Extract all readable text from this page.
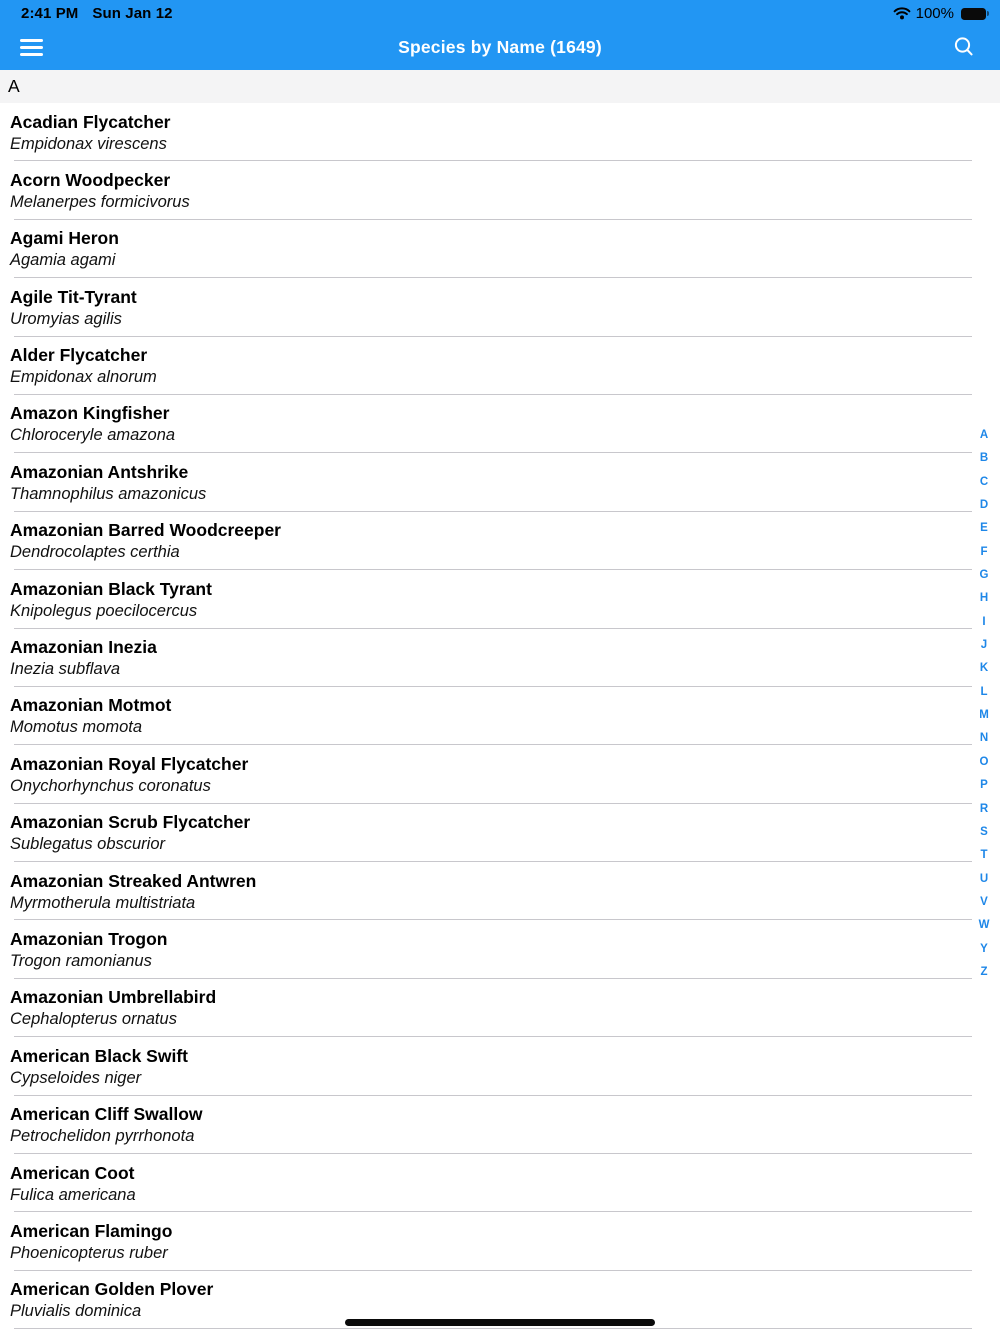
2:41 PM Sun Jan 12	100%
Species by Name (1649)
A
Acadian Flycatcher
Empidonax virescens
Acorn Woodpecker
Melanerpes formicivorus
Agami Heron
Agamia agami
Agile Tit-Tyrant
Uromyias agilis
Alder Flycatcher
Empidonax alnorum
Amazon Kingfisher
Chloroceryle amazona
Amazonian Antshrike
Thamnophilus amazonicus
Amazonian Barred Woodcreeper
Dendrocolaptes certhia
Amazonian Black Tyrant
Knipolegus poecilocercus
Amazonian Inezia
Inezia subflava
Amazonian Motmot
Momotus momota
Amazonian Royal Flycatcher
Onychorhynchus coronatus
Amazonian Scrub Flycatcher
Sublegatus obscurior
Amazonian Streaked Antwren
Myrmotherula multistriata
Amazonian Trogon
Trogon ramonianus
Amazonian Umbrellabird
Cephalopterus ornatus
American Black Swift
Cypseloides niger
American Cliff Swallow
Petrochelidon pyrrhonota
American Coot
Fulica americana
American Flamingo
Phoenicopterus ruber
American Golden Plover
Pluvialis dominica
A
B
C
D
E
F
G
H
I
J
K
L
M
N
O
P
R
S
T
U
V
W
Y
Z
